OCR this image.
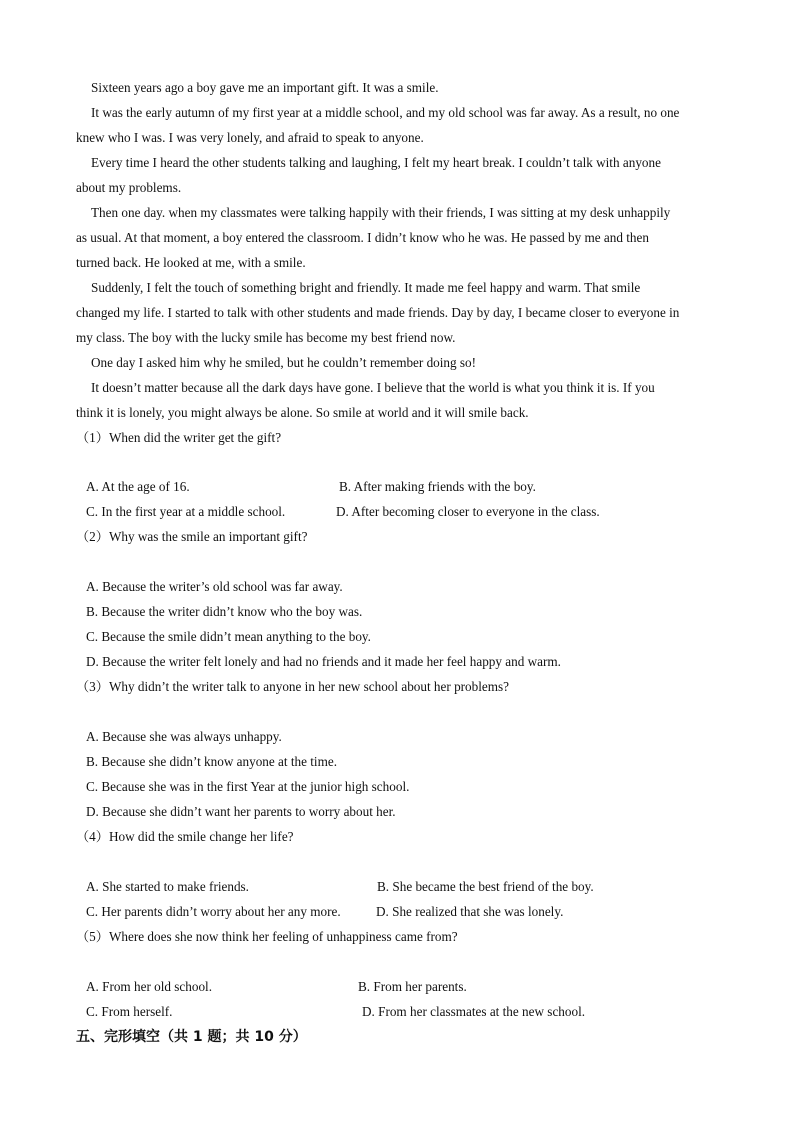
Sixteen years ago a boy gave me an important gift. It was a smile.
It was the early autumn of my first year at a middle school, and my old school was far away. As a result, no one
knew who I was. I was very lonely, and afraid to speak to anyone.
Every time I heard the other students talking and laughing, I felt my heart break. I couldn’t talk with anyone
about my problems.
Then one day. when my classmates were talking happily with their friends, I was sitting at my desk unhappily
as usual. At that moment, a boy entered the classroom. I didn’t know who he was. He passed by me and then
turned back. He looked at me, with a smile.
Suddenly, I felt the touch of something bright and friendly. It made me feel happy and warm. That smile
changed my life. I started to talk with other students and made friends. Day by day, I became closer to everyone in
my class. The boy with the lucky smile has become my best friend now.
One day I asked him why he smiled, but he couldn’t remember doing so!
It doesn’t matter because all the dark days have gone. I believe that the world is what you think it is. If you
think it is lonely, you might always be alone. So smile at world and it will smile back.
（1）When did the writer get the gift?
A. At the age of 16.	B. After making friends with the boy.
C. In the first year at a middle school.	D. After becoming closer to everyone in the class.
（2）Why was the smile an important gift?
A. Because the writer’s old school was far away.
B. Because the writer didn’t know who the boy was.
C. Because the smile didn’t mean anything to the boy.
D. Because the writer felt lonely and had no friends and it made her feel happy and warm.
（3）Why didn’t the writer talk to anyone in her new school about her problems?
A. Because she was always unhappy.
B. Because she didn’t know anyone at the time.
C. Because she was in the first Year at the junior high school.
D. Because she didn’t want her parents to worry about her.
（4）How did the smile change her life?
A. She started to make friends.	B. She became the best friend of the boy.
C. Her parents didn’t worry about her any more.	D. She realized that she was lonely.
（5）Where does she now think her feeling of unhappiness came from?
A. From her old school.	B. From her parents.
C. From herself.	D. From her classmates at the new school.
五、完形填空（共 1 题；共 10 分）
